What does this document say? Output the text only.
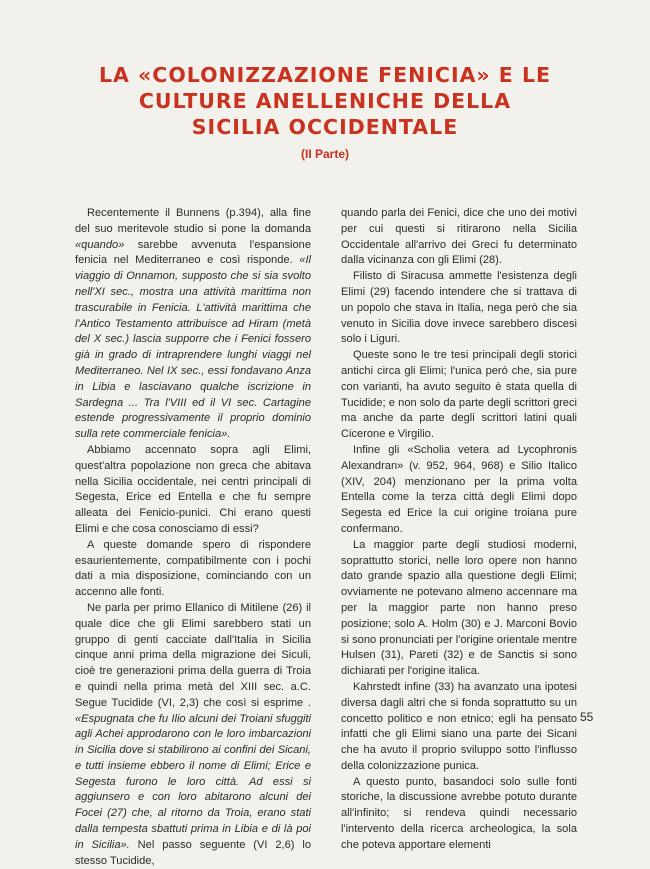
LA «COLONIZZAZIONE FENICIA» E LE
CULTURE ANELLENICHE DELLA
SICILIA OCCIDENTALE
(II Parte)

Recentemente il Bunnens (p.394), alla fine del suo meritevole studio si pone la domanda «quando» sarebbe avvenuta l'espansione fenicia nel Mediterraneo e così risponde. «Il viaggio di Onnamon, supposto che si sia svolto nell'XI sec., mostra una attività marittima non trascurabile in Fenicia. L'attività marittima che l'Antico Testamento attribuisce ad Hiram (metà del X sec.) lascia supporre che i Fenici fossero già in grado di intraprendere lunghi viaggi nel Mediterraneo. Nel IX sec., essi fondavano Anza in Libia e lasciavano qualche iscrizione in Sardegna ... Tra l'VIII ed il VI sec. Cartagine estende progressivamente il proprio dominio sulla rete commerciale fenicia».

Abbiamo accennato sopra agli Elimi, quest'altra popolazione non greca che abitava nella Sicilia occidentale, nei centri principali di Segesta, Erice ed Entella e che fu sempre alleata dei Fenicio-punici. Chi erano questi Elimi e che cosa conosciamo di essi?

A queste domande spero di rispondere esaurientemente, compatibilmente con i pochi dati a mia disposizione, cominciando con un accenno alle fonti.

Ne parla per primo Ellanico di Mitilene (26) il quale dice che gli Elimi sarebbero stati un gruppo di genti cacciate dall'Italia in Sicilia cinque anni prima della migrazione dei Siculi, cioè tre generazioni prima della guerra di Troia e quindi nella prima metà del XIII sec. a.C. Segue Tucidide (VI, 2,3) che così si esprime . «Espugnata che fu Ilio alcuni dei Troiani sfuggiti agli Achei approdarono con le loro imbarcazioni in Sicilia dove si stabilirono ai confini dei Sicani, e tutti insieme ebbero il nome di Elimi; Erice e Segesta furono le loro città. Ad essi si aggiunsero e con loro abitarono alcuni dei Focei (27) che, al ritorno da Troia, erano stati dalla tempesta sbattuti prima in Libia e di là poi in Sicilia». Nel passo seguente (VI 2,6) lo stesso Tucidide,

quando parla dei Fenici, dice che uno dei motivi per cui questi si ritirarono nella Sicilia Occidentale all'arrivo dei Greci fu determinato dalla vicinanza con gli Elimi (28).

Filisto di Siracusa ammette l'esistenza degli Elimi (29) facendo intendere che si trattava di un popolo che stava in Italia, nega però che sia venuto in Sicilia dove invece sarebbero discesi solo i Liguri.

Queste sono le tre tesi principali degli storici antichi circa gli Elimi; l'unica però che, sia pure con varianti, ha avuto seguito è stata quella di Tucidide; e non solo da parte degli scrittori greci ma anche da parte degli scrittori latini quali Cicerone e Virgilio.

Infine gli «Scholia vetera ad Lycophronis Alexandran» (v. 952, 964, 968) e Silio Italico (XIV, 204) menzionano per la prima volta Entella come la terza città degli Elimi dopo Segesta ed Erice la cui origine troiana pure confermano.

La maggior parte degli studiosi moderni, soprattutto storici, nelle loro opere non hanno dato grande spazio alla questione degli Elimi; ovviamente ne potevano almeno accennare ma per la maggior parte non hanno preso posizione; solo A. Holm (30) e J. Marconi Bovio si sono pronunciati per l'origine orientale mentre Hulsen (31), Pareti (32) e de Sanctis si sono dichiarati per l'origine italica.

Kahrstedt infine (33) ha avanzato una ipotesi diversa dagli altri che si fonda soprattutto su un concetto politico e non etnico; egli ha pensato infatti che gli Elimi siano una parte dei Sicani che ha avuto il proprio sviluppo sotto l'influsso della colonizzazione punica.

A questo punto, basandoci solo sulle fonti storiche, la discussione avrebbe potuto durante all'infinito; si rendeva quindi necessario l'intervento della ricerca archeologica, la sola che poteva apportare elementi

55
